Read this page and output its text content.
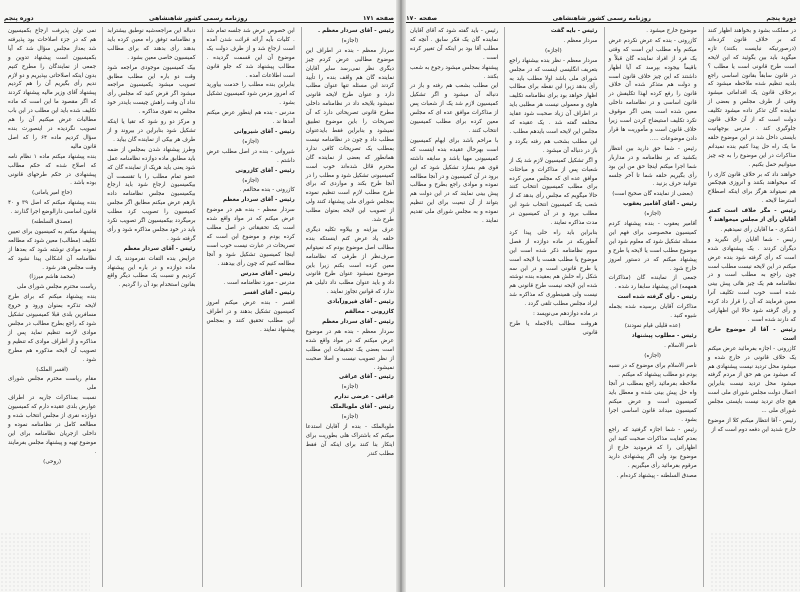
صفحه ۱۷۱
روزنامه رسمی کشور شاهنشاهی
دوره پنجم

رئیس - آقای سردار معظم .

(اجازه)

سردار معظم - بنده در اطراف این موضوع مطالبی عرض کردم چیز دیگری نظر نمی‌رسد سایر آقایان نماینده گان هم واقف بنده را تأیید کردند این مسئله تنها عنوان مطلب دارد و عنوان طرح لایحه قانونی نمیشود بلایحه داد در نظامنامه داخلی مطرح قانونی تصریحاتی دارد که آن تصریحات را باین موضوع تطبیق نمیشود و بنابراین فقط بایدعنوان مطلب داد و چون در نظامنامه نیست بمطلب یک تصریحات کافی ندارد همانطور که بعضی از نماینده گان محترم قائل شده‌اند خوب است کمیسیونی تشکیل شود و مطلب را در آنجا طرح بکند و مواردی که برای طرح مطلب لازم است تنظیم نموده بمجلس شورای ملی پیشنهاد کنند ولی از تصویب این لایحه بعنوان مطلب طرح شد.

عرف بیزاینه و بیلاوه تکلیه دیگری حلقه یاد عرض کنم اینستکه بنده مطالب اصل موضوع بودم که نمیتوانم صرف‌نظر از طرفی که نظامنامه معین کرده است بکنم زیرا باین موضوع نمیشود عنوان طرح قانونی داد و باید عنوان مطلب داد دلیلی هم ندارد که قوانین تجاوز نمایند .

رئیس - آقای فیروزآبادی

کازرونی - مخالفم

رئیس - آقای سردار معظم

سردار معظم - بنده هم در موضوع عرض میکنم که در مواد واقع شده است بعضی یک تحقیقات این مطلب از نظر تصویب نیست و اصلا صحبت نمیشود .

رئیس - آقای عراقی

(اجازه)

عراقی - عرضی ندارم

رئیس - آقای ملوبالملک

(اجازه)

ملوبالملک - بنده از آقایان استدعا میکنم که باشتراک هلی بطوریت برای اینکار بنا کنند برای اینکه آن فقط مطلب کندر

این خصوص عرض شد جلسه تمام شد . کلیات بآیه آرائه قرائت شدن آمده است ارجاع شد و از طرف دولت یک موضوع آن این قسمت گردیده . مطالب پیشنهاد شد که جلو قانون است اطلاعات آمده .

بنابراین بنده مطلب را خدمت بیاورید که امروز مزمن شود کمیسیون تشکیل بشود .

مدرس - بنده هم اینطور عرض میکنم آمدها ند .

رئیس - آقای شیروانی

(اجازه)

شیروانی - بنده در اصل مطلب عرض داشتم .

رئیس - آقای کازرونی

(اجازه)

کازرونی - بنده مخالفم .

رئیس - آقای سردار معظم

سردار معظم - بنده هم در موضوع عرض میکنم که در مواد واقع شده است یک تحقیقاتی در اصل مطلب کرده بودم و موضوع این است که تصریحات در عبارت نیست خوب است اینجا کمیسیون تشکیل شود و آنجا مطالعه کنیم که چون رأی بیدهند .

رئیس - آقای مدرس

مدرس - مورد نظامنامه است .

رئیس - آقای افسر

افسر - بنده عرض میکنم امروز کمیسیون تشکیل بدهند و در اطراف این مطلب تحقیق کنند و بمجلس پیشنهاد نمایند .

دنباله این مراجعه‌شیه نوطبق بیشترابد و نظامنامه توفق راه معین کرده باید بدهند رأی بدهند که برای مطالب کمیسیون خاصی معین بشود .

بیک کمیسیون موجودی مراجعه شود وقت دو باره این مطلب مطابق تصویب میشود یکمیسیون مراجعه میشود اگر فرض کنید که مجلس رأی نداد آن وقت راهش چیست بایددر خود مجلس به تقوی مذاکره .

و مرکز دو رو شود که تقیا یا اینکه تشکیل شود بنابراین در بیروند و از طرف هر بیکی از نماینده گان بیاید .

وطرز پیشنهاد شدن بمجلس از ضمه باید مطابق ماده دوازده نظامنامه عمل شود یعنی باید هریک از نماینده گان که عضو تمام مطلب را با تقسمت آن بیکمیسیون ارجاع شود باید ارجاع بیکمیسیون مجلس نظامنامه داده بازهم عرض میکنم مطابق اگر مجلس کمیسیون را تصویب کرد مطلب برمیگردد بیکمیسیون اگر تصویب نکرد باید در خود مجلس مذاکره شود و رأی گرفته شود .

رئیس - آقای سردار معظم

عرایض بنده التفات نفرمودند یک از ماده دوازده و در باره این پیشنهاد کردیم و نسبت یک مطلب دیگر واقع بقانون استخدام بود آن را گردیم .

نمی توان پذیرفت ارجاع بکمیسیون هم که در جزء اصلاحات بود پذیرفته شد بعداز مجلس سؤال شد که آیا بکمیسیون است پیشنهاد تدوین و جمعی از نمایندگان را مطرح کنیم بدون اینکه اصلاحاتی بپذیریم و دو لازم ندیم رأی بگیریم آن را هم کردیم پیشنهاد آقای وزیر مالیه پیشنهاد کردند که اگر مقصود ما این است که ماده تکلیف شده باید این مطلب در این باب مطالبات عرض میکنیم آن را هم تصویب نگردیده در اینصورت بنده سؤال کردیم ماده ۶۴ را که اصل قانون مالیه

بنده پیشنهاد میکنم ماده ۱ نظام نامه که اصلاح شده که حکم مطالب پیشنهادی در حکم طرحهای قانونی بوده باشد .

(حاج امیر یامانی)

بنده پیشنهاد میکنم که اصل ۳۹ و ۴۰ قانون اساسی دارالوضع اجرا گذارند .

(مصدق السلطنه)

پیشنهاد میکنم به کمیسیون برای تعیین تکلیف (مطالب) معین شود که مطالعه نموده موادی نوشته شود که بعدها از نظامنامه آن اشکالی پیدا نشود که وقت مجلس هدر شود .

(محمد هاشم میرزا)

ریاست محترم مجلس شورای ملی

بنده پیشنهاد میکنم که برای طرح لایحه تذکره بمنوان ورود و خروج مسافرین بلدی قبلا کمیسیونی تشکیل شود که راجع بطرح مطالب در مجلس موادی لازمه تنظیم نماید پس از مذاکره و از اطراف موادی که تنظیم و تصویب آن لایحه مذکوره هم مطرح شود .

(افسر الملک)

مقام ریاست محترم مجلس شورای ملی

نسبت بمذاکرات جاریه در اطراف عوارض بلدی عقیده دارم که کمیسیون دوازده نفری از مجلس انتخاب شده و مطالعه کامل در نظامنامه نموده و داخلی ازجریان نظامنامه برای این موضوع تهیه و پیشنهاد مجلس بفرمایند .

(روحی)

دوره پنجم
روزنامه رسمی کشور شاهنشاهی
صفحه ۱۷۰

در مملکت بشود و بخواهند اظهار کنند که بر خلاف قانون کرده‌اند (درصورتیکه نبایست بکنند) تازه میگوید باید بین بگوئید که این لایحه است طرح قانونی است یا مطلب ؟ در قانون سابقاً بقانون اساسی راجع بلدیه تنظیم شده ملاحظه میشود که برخلاف قانون یک اقداماتی میشود وقتی از طرف مجلس و بعضی از نماینده گان تذکر داده میشود تکلیف دولت است که از آن خلاف قانون جلوگیری کند . مدرس بوجهاتیت بایستی داخل شد در این موضوع حلقه ما یک راه حل پیدا کنیم بنده نمیدانم مذاکرات در این موضوع را به چه چیز میتوانیم حمل بکنیم .

خواهند داد که بر خلاف قانون کاری را که میخواهند بکنند و آنروزی هیچکس هم نمیتواند هرگز برای اینکه اصطلاح استرضا لایحه .

رئیس - مگر خلاف است کمتر آقایان رأی از مجلس میخواهند ؟

اشکری - ما آقایان رأی نمیدهیم .

رئیس - شما آقایان رأی نگیرید و دیگران کردند . یک پیشنهادی شده است که رأی گرفته شود بنده عرض میکنم در این لایحه نیست مطلب است چون راجع به مطلب است و در نظامنامه هم یک چیز هائی پیش بینی شده است خوب است تکلیف آنرا معین فرمایند که آن را قرار داد کرده و رأی گرفته شود حالا این اظهاراتی که دارند شده است .

رئیس - آقا از موضوع خارج است

کازرونی - اجازه بفرمائید عرض میکنم یک خلاف قانونی در خارج شده و میشود محل تردید نیست پیشنهادی هم که میشود من هم حق از مردم گرفته میشود محل تردید نیست بنابراین اعمال دولت مجلس شورای ملی است هیچ جای تردید نیست بایستی مجلس شورای ملی ...

رئیس - آقا انتظار میکنم کلا از موضوع خارج شدید این دفعه دوم است که از

موضوع خارج میشود .

کازرونی - بنده که عرض نکردم عرض میکنم واه مطلب این است که وقتی یک فرد از افراد نماینده گان قبلاً و باقیماً بیجوده بپرسد که آیا اظهار داشتند که این چیز خلاف قانون است و دولت هم متذکر شده آن خلاف قانون را رفع کرده لهذا تکلیفش در قانون اساسی و در نظامنامه داخلی معین شده است یعنی اگر موقوف نکرد تکلیف استیضاح کردن است زیرا خلاف قانون است و مأموریت ها قرار دادن موضوعات .....

رئیس - شما حق دارید بین انتظار بکشید که بر نظامنامه و در مداربار شما اجرا میکنم اینجا حق من این بود رأی بگیریم حلقه شما تا آخر جلسه نتوانید حرف بزنید .

(بعضی از نماینده گان صحیح است)

رئیس - آقای آقامیر یعقوب

(اجازه)

آقامیر یعقوب - بنده پیشنهاد کردم کمیسیون مخصوصی برای فهم این مسئله تشکیل شود که معلوم شود این موضوع مطلب است یا لایحه یا طرح و پیشنهاد میکنم که در دستور امروز خارج شود .

جمعی از نماینده گان (مذاکرات همهمه) این پیشنهاد سابقا رد شده .

رئیس - رأی گرفته شده است

مذاکرات آقایان برسیده شده بجمله شیوه کنید .

(عده قلیلی قیام نمودند)

رئیس - مطلوب پیشنهاد

ناصر الاسلام .

(اجازه)

ناصر الاسلام برای موضوع که در نسبه بودم دو مطلب پیشنهاد که میکنم .

ملاحظه بفرمائید راجع بمطلب در آنجا واه حل پیش بینی شده و معطل باید کمیسیون است و عرض میکنم کمیسیون میداند قانون اساسی اجرا بشود .

رئیس - شما اجازه گرفتید که راجع بعدم کفایت مذاکرات صحبت کنید این اظهاراتی را که فرمودید خارج از موضوع بود ولی اگر پیشنهادی دارید مرقوم بفرمائید رأی میگیریم .

مصدق السلطنه - پیشنهاد کرده‌ام .

رئیس - بایه گفت

سردار معظم .

(اجازه)

سردار معظم - نظر بنده بیشنهاد راجع بتعریف انگلیسی اینست که در مجلس شورای ملی باشد اولا مطلب باید به رأی بدهد زیرا این نقطه برای مطالب اظهار خواهد بود برای نظامنامه تکلیف هاوی و معمولی نیست هر مطلبی باید در اطراف آن زیاد صحبت شود عقاید مختلفه گفته شد . یک عقیده که مجلس این لایحه است بایدهم مطلب .

این مطلب بشحب هم رفته بگردد و باز در دنباله آن میشود .

و اگر تشکیل کمیسیون لازم شد یک از شعبات پس از مذاکرات و مباحثات موافق عده ای که مجلس معین کرده برای مطلب کمیسیون انتخاب کنند حالا میگویم که مجلس رأی بدهد که از شعب یک کمیسیون انتخاب شود این مطلب برود و در آن کمیسیون در مدت مذاکره نمایند .

بنابراین باید راه حلی پیدا کرد آنطوریکه در ماده دوازده از فصل سوم نظامنامه ذکر شده است این موضوع یا مطلب هست یا لایحه است یا طرح قانونی است و در این سه شکل راه حلش هم بعقیده بنده نوشته شده این لایحه نیست طرح قانونی هم نیست ولی همینطوری که مذاکره شد ایراد مجلس مطلب تلقی گردد .

در ماده دوازدهم می‌نویسد :

هروقت مطالب بالاجمله یا طرح قانونی

رئیس - باید گفته شود که آقای آقایان نماینده گان یک فکر سابق . آنچه که مطلب آقا بود بر اینکه آن تغییر کرده است .

پیشنهاد بمجلس میشود رجوع به شعب بکنند .

این مطلب بشعب هم رفته و باز در دنباله آن میشود و اگر تشکیل کمیسیون لازم شد یک از شعبات پس از مذاکرات موافق عده ای که مجلس معین کرده برای مطلب کمیسیون انتخاب کنند .

با مراحم باشد برای ایهام کمیسیون است بهرحال عقیده بنده اینست که کمیسیونی مهیا باشد و سابقه داشته قوی هم بسازد تشکیل شود که این برود در آن کمیسیون و در آنجا مطالعه نموده و موادی راجع بطرح و مطالب پیش بینی نمایند که در این دولت هم بتواند از آن تبعیت برای این تنظیم نموده و به مجلس شورای ملی تقدیم نمایند .
